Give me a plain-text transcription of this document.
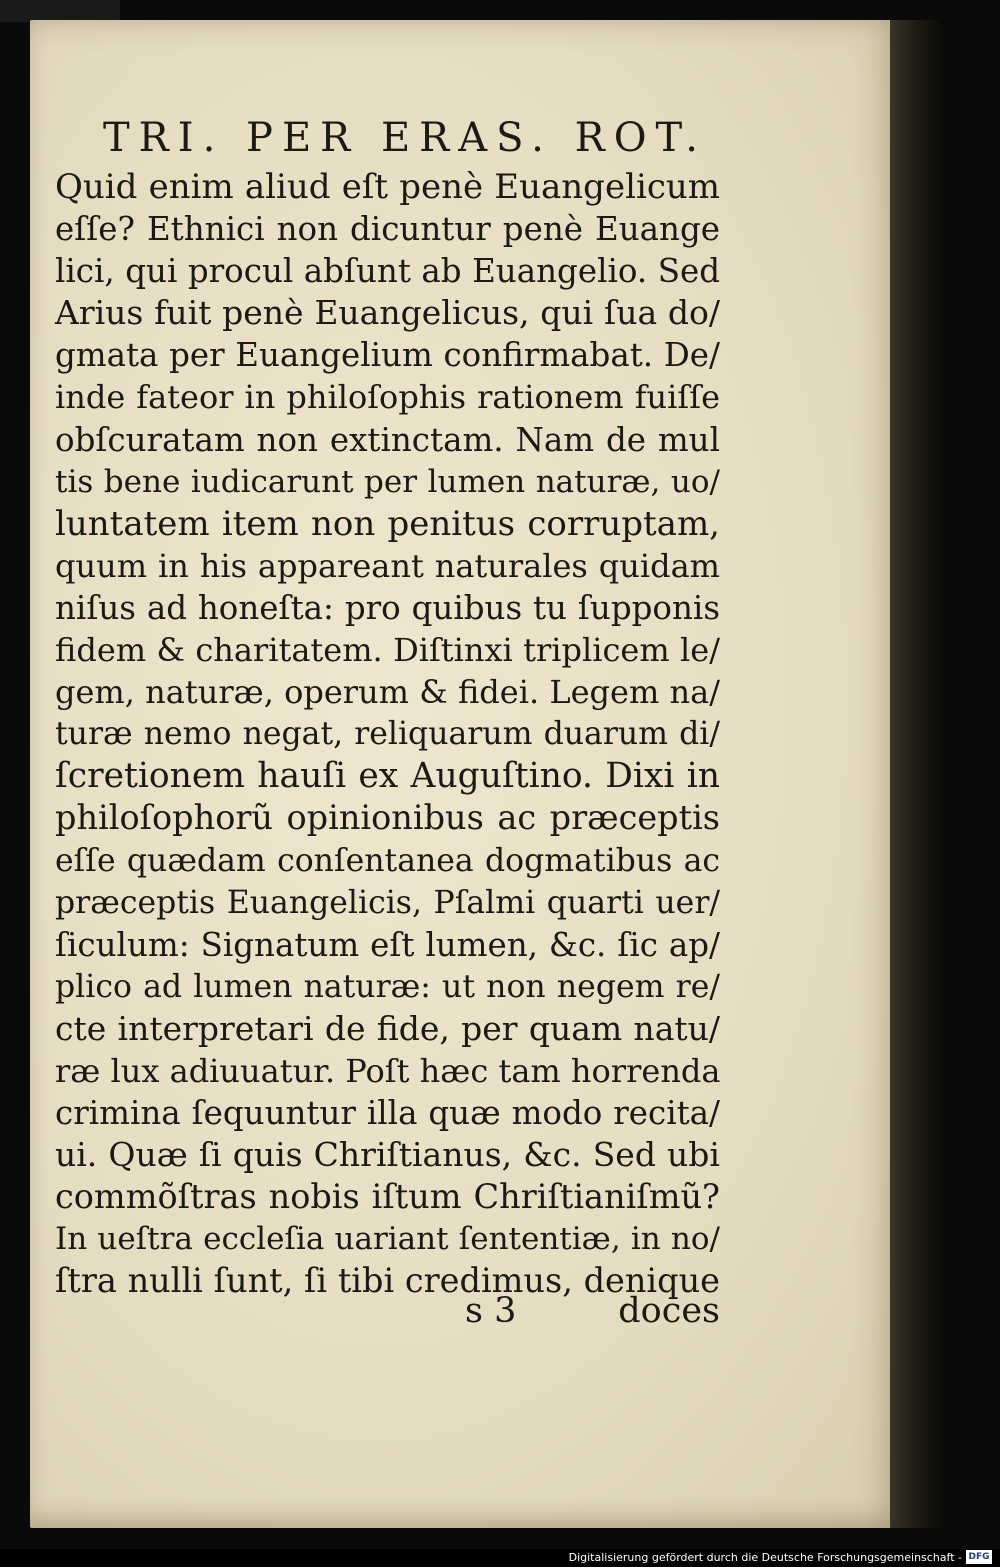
TRI. PER ERAS. ROT.
Quid enim aliud eſt penè Euangelicum
eſſe? Ethnici non dicuntur penè Euange
lici, qui procul abſunt ab Euangelio. Sed
Arius fuit penè Euangelicus, qui ſua do/
gmata per Euangelium confirmabat. De/
inde fateor in philoſophis rationem fuiſſe
obſcuratam non extinctam. Nam de mul
tis bene iudicarunt per lumen naturæ, uo/
luntatem item non penitus corruptam,
quum in his appareant naturales quidam
niſus ad honeſta: pro quibus tu ſupponis
fidem & charitatem. Diſtinxi triplicem le/
gem, naturæ, operum & fidei. Legem na/
turæ nemo negat, reliquarum duarum di/
ſcretionem hauſi ex Auguſtino. Dixi in
philoſophorũ opinionibus ac præceptis
eſſe quædam conſentanea dogmatibus ac
præceptis Euangelicis, Pſalmi quarti uer/
ſiculum: Signatum eſt lumen, &c. ſic ap/
plico ad lumen naturæ: ut non negem re/
cte interpretari de fide, per quam natu/
ræ lux adiuuatur. Poſt hæc tam horrenda
crimina ſequuntur illa quæ modo recita/
ui. Quæ ſi quis Chriſtianus, &c. Sed ubi
commõſtras nobis iſtum Chriſtianiſmũ?
In ueſtra eccleſia uariant ſententiæ, in no/
ſtra nulli ſunt, ſi tibi credimus, denique
s 3	doces
Digitalisierung gefördert durch die Deutsche Forschungsgemeinschaft - DFG
